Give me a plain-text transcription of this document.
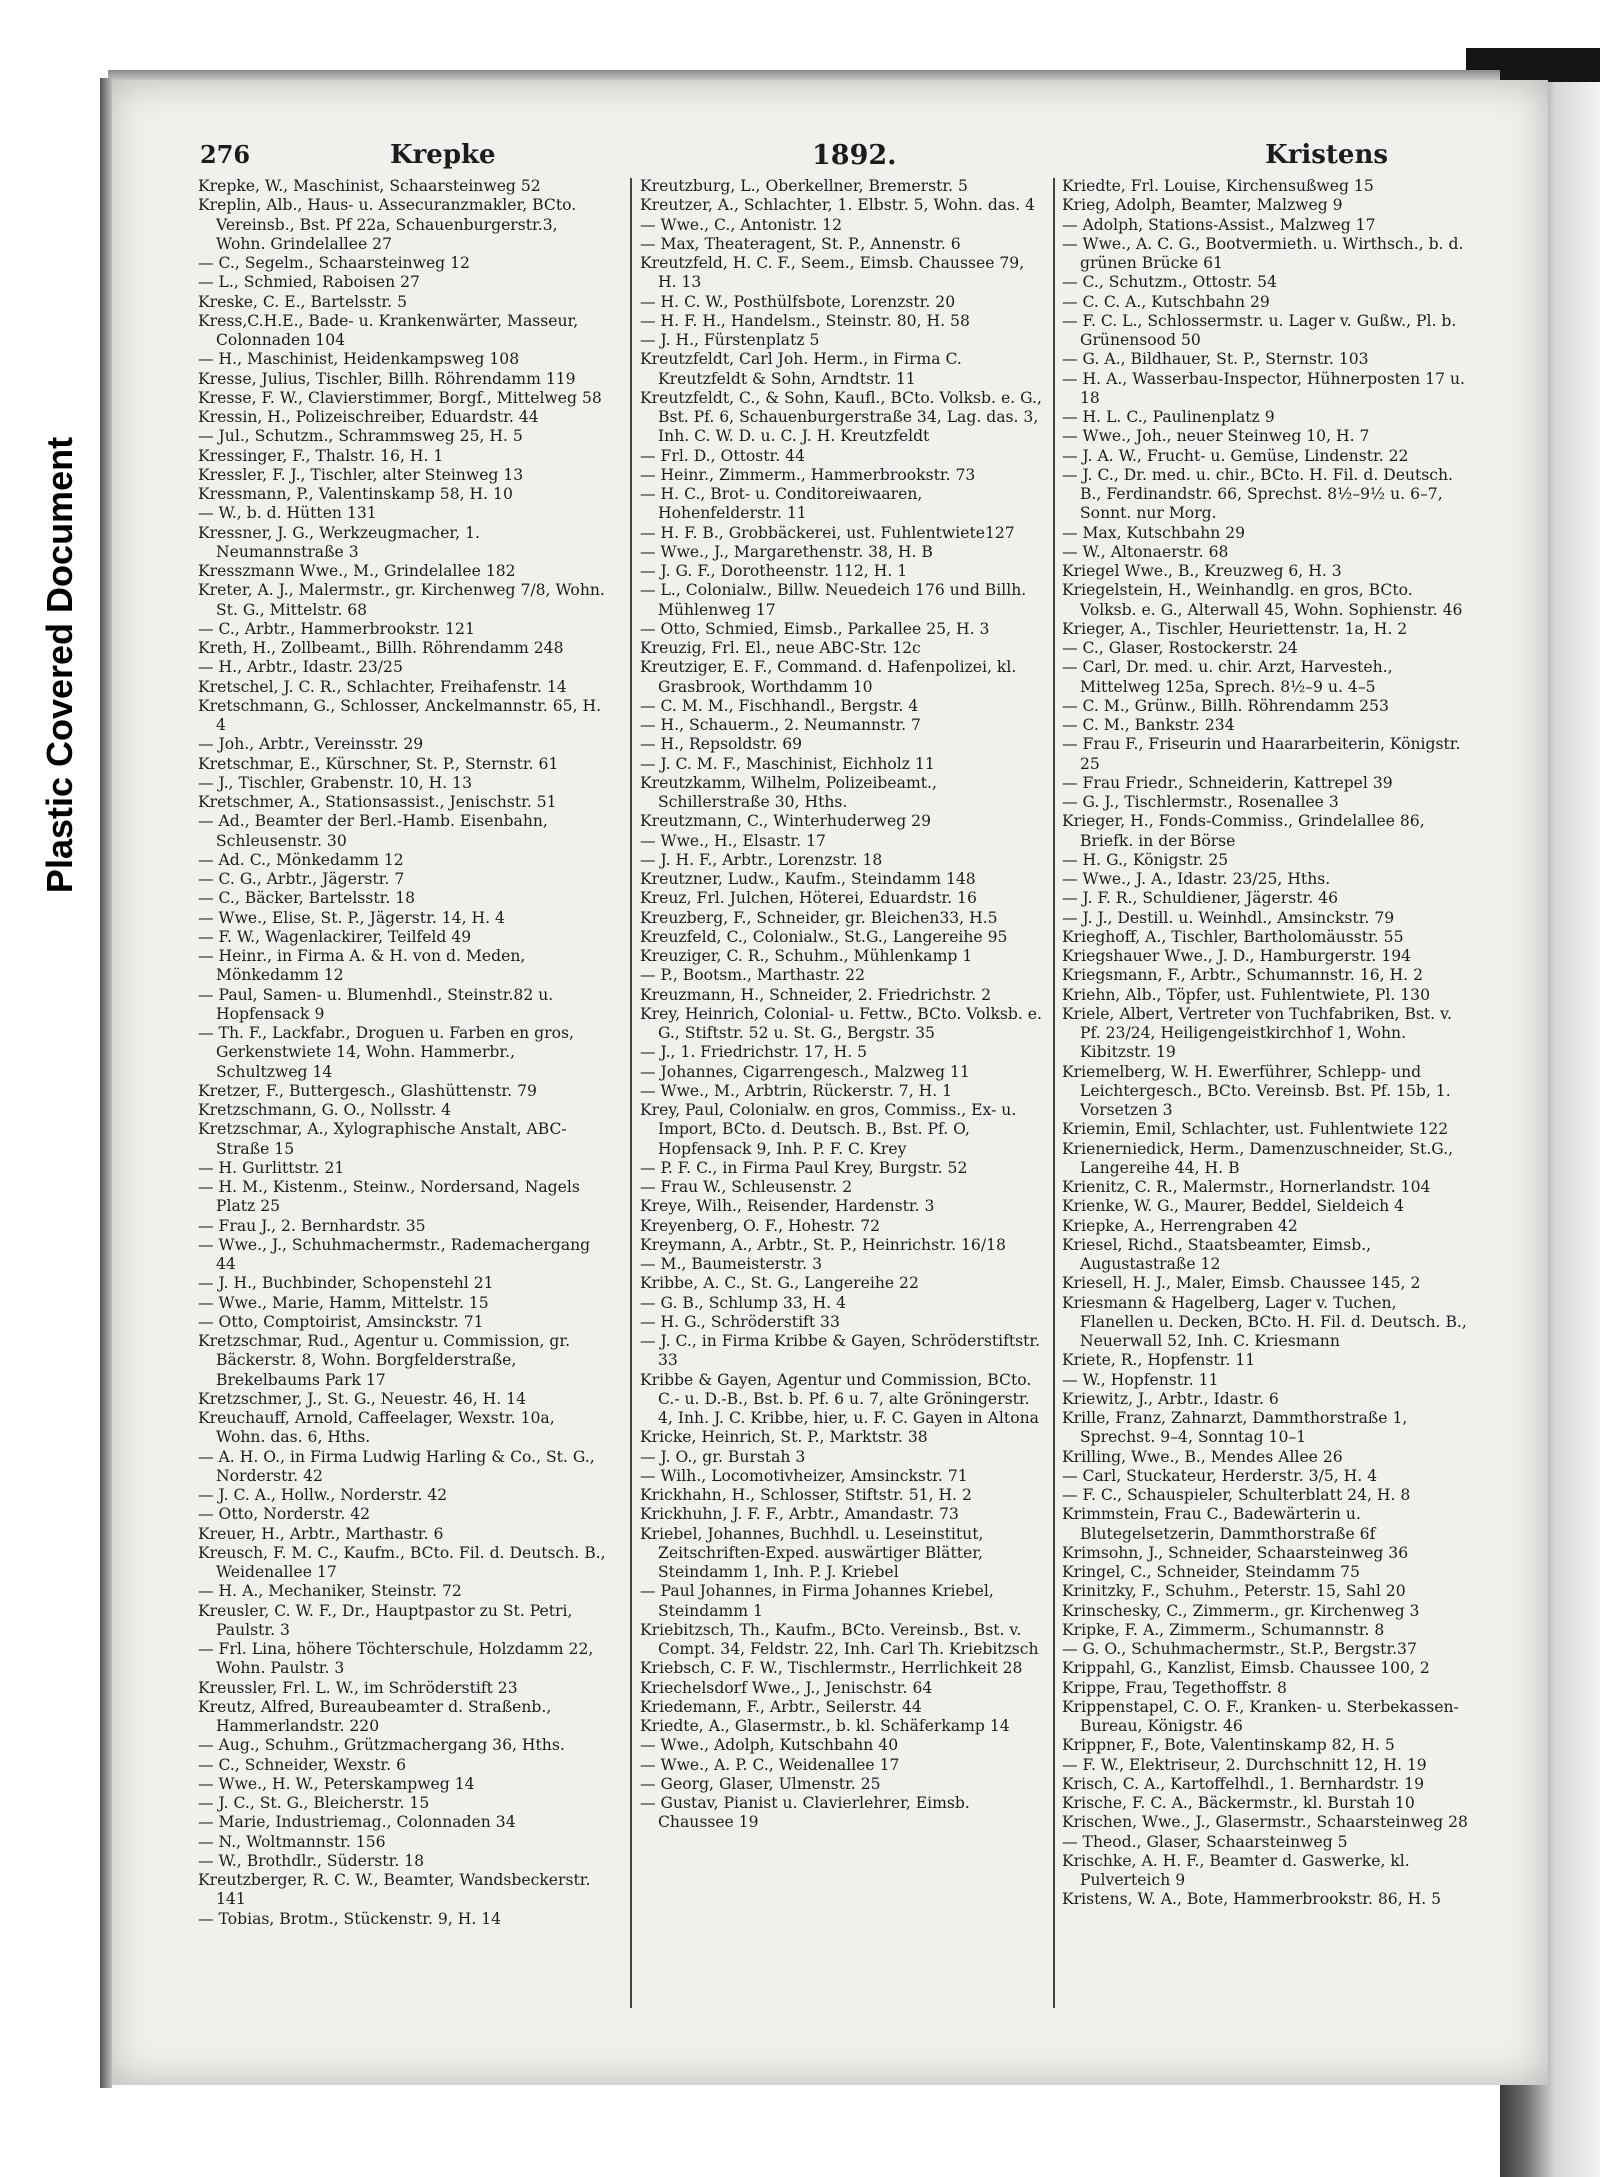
Plastic Covered Document
276	Krepke	1892.	Kristens

Krepke, W., Maschinist, Schaarsteinweg 52

Kreplin, Alb., Haus- u. Assecuranzmakler, BCto. Vereinsb., Bst. Pf 22a, Schauenburgerstr.3, Wohn. Grindelallee 27

— C., Segelm., Schaarsteinweg 12

— L., Schmied, Raboisen 27

Kreske, C. E., Bartelsstr. 5

Kress,C.H.E., Bade- u. Krankenwärter, Masseur, Colonnaden 104

— H., Maschinist, Heidenkampsweg 108

Kresse, Julius, Tischler, Billh. Röhrendamm 119

Kresse, F. W., Clavierstimmer, Borgf., Mittelweg 58

Kressin, H., Polizeischreiber, Eduardstr. 44

— Jul., Schutzm., Schrammsweg 25, H. 5

Kressinger, F., Thalstr. 16, H. 1

Kressler, F. J., Tischler, alter Steinweg 13

Kressmann, P., Valentinskamp 58, H. 10

— W., b. d. Hütten 131

Kressner, J. G., Werkzeugmacher, 1. Neumannstraße 3

Kresszmann Wwe., M., Grindelallee 182

Kreter, A. J., Malermstr., gr. Kirchenweg 7/8, Wohn. St. G., Mittelstr. 68

— C., Arbtr., Hammerbrookstr. 121

Kreth, H., Zollbeamt., Billh. Röhrendamm 248

— H., Arbtr., Idastr. 23/25

Kretschel, J. C. R., Schlachter, Freihafenstr. 14

Kretschmann, G., Schlosser, Anckelmannstr. 65, H. 4

— Joh., Arbtr., Vereinsstr. 29

Kretschmar, E., Kürschner, St. P., Sternstr. 61

— J., Tischler, Grabenstr. 10, H. 13

Kretschmer, A., Stationsassist., Jenischstr. 51

— Ad., Beamter der Berl.-Hamb. Eisenbahn, Schleusenstr. 30

— Ad. C., Mönkedamm 12

— C. G., Arbtr., Jägerstr. 7

— C., Bäcker, Bartelsstr. 18

— Wwe., Elise, St. P., Jägerstr. 14, H. 4

— F. W., Wagenlackirer, Teilfeld 49

— Heinr., in Firma A. & H. von d. Meden, Mönkedamm 12

— Paul, Samen- u. Blumenhdl., Steinstr.82 u. Hopfensack 9

— Th. F., Lackfabr., Droguen u. Farben en gros, Gerkenstwiete 14, Wohn. Hammerbr., Schultzweg 14

Kretzer, F., Buttergesch., Glashüttenstr. 79

Kretzschmann, G. O., Nollsstr. 4

Kretzschmar, A., Xylographische Anstalt, ABC-Straße 15

— H. Gurlittstr. 21

— H. M., Kistenm., Steinw., Nordersand, Nagels Platz 25

— Frau J., 2. Bernhardstr. 35

— Wwe., J., Schuhmachermstr., Rademachergang 44

— J. H., Buchbinder, Schopenstehl 21

— Wwe., Marie, Hamm, Mittelstr. 15

— Otto, Comptoirist, Amsinckstr. 71

Kretzschmar, Rud., Agentur u. Commission, gr. Bäckerstr. 8, Wohn. Borgfelderstraße, Brekelbaums Park 17

Kretzschmer, J., St. G., Neuestr. 46, H. 14

Kreuchauff, Arnold, Caffeelager, Wexstr. 10a, Wohn. das. 6, Hths.

— A. H. O., in Firma Ludwig Harling & Co., St. G., Norderstr. 42

— J. C. A., Hollw., Norderstr. 42

— Otto, Norderstr. 42

Kreuer, H., Arbtr., Marthastr. 6

Kreusch, F. M. C., Kaufm., BCto. Fil. d. Deutsch. B., Weidenallee 17

— H. A., Mechaniker, Steinstr. 72

Kreusler, C. W. F., Dr., Hauptpastor zu St. Petri, Paulstr. 3

— Frl. Lina, höhere Töchterschule, Holzdamm 22, Wohn. Paulstr. 3

Kreussler, Frl. L. W., im Schröderstift 23

Kreutz, Alfred, Bureaubeamter d. Straßenb., Hammerlandstr. 220

— Aug., Schuhm., Grützmachergang 36, Hths.

— C., Schneider, Wexstr. 6

— Wwe., H. W., Peterskampweg 14

— J. C., St. G., Bleicherstr. 15

— Marie, Industriemag., Colonnaden 34

— N., Woltmannstr. 156

— W., Brothdlr., Süderstr. 18

Kreutzberger, R. C. W., Beamter, Wandsbeckerstr. 141

— Tobias, Brotm., Stückenstr. 9, H. 14

Kreutzburg, L., Oberkellner, Bremerstr. 5

Kreutzer, A., Schlachter, 1. Elbstr. 5, Wohn. das. 4

— Wwe., C., Antonistr. 12

— Max, Theateragent, St. P., Annenstr. 6

Kreutzfeld, H. C. F., Seem., Eimsb. Chaussee 79, H. 13

— H. C. W., Posthülfsbote, Lorenzstr. 20

— H. F. H., Handelsm., Steinstr. 80, H. 58

— J. H., Fürstenplatz 5

Kreutzfeldt, Carl Joh. Herm., in Firma C. Kreutzfeldt & Sohn, Arndtstr. 11

Kreutzfeldt, C., & Sohn, Kaufl., BCto. Volksb. e. G., Bst. Pf. 6, Schauenburgerstraße 34, Lag. das. 3, Inh. C. W. D. u. C. J. H. Kreutzfeldt

— Frl. D., Ottostr. 44

— Heinr., Zimmerm., Hammerbrookstr. 73

— H. C., Brot- u. Conditoreiwaaren, Hohenfelderstr. 11

— H. F. B., Grobbäckerei, ust. Fuhlentwiete127

— Wwe., J., Margarethenstr. 38, H. B

— J. G. F., Dorotheenstr. 112, H. 1

— L., Colonialw., Billw. Neuedeich 176 und Billh. Mühlenweg 17

— Otto, Schmied, Eimsb., Parkallee 25, H. 3

Kreuzig, Frl. El., neue ABC-Str. 12c

Kreutziger, E. F., Command. d. Hafenpolizei, kl. Grasbrook, Worthdamm 10

— C. M. M., Fischhandl., Bergstr. 4

— H., Schauerm., 2. Neumannstr. 7

— H., Repsoldstr. 69

— J. C. M. F., Maschinist, Eichholz 11

Kreutzkamm, Wilhelm, Polizeibeamt., Schillerstraße 30, Hths.

Kreutzmann, C., Winterhuderweg 29

— Wwe., H., Elsastr. 17

— J. H. F., Arbtr., Lorenzstr. 18

Kreutzner, Ludw., Kaufm., Steindamm 148

Kreuz, Frl. Julchen, Höterei, Eduardstr. 16

Kreuzberg, F., Schneider, gr. Bleichen33, H.5

Kreuzfeld, C., Colonialw., St.G., Langereihe 95

Kreuziger, C. R., Schuhm., Mühlenkamp 1

— P., Bootsm., Marthastr. 22

Kreuzmann, H., Schneider, 2. Friedrichstr. 2

Krey, Heinrich, Colonial- u. Fettw., BCto. Volksb. e. G., Stiftstr. 52 u. St. G., Bergstr. 35

— J., 1. Friedrichstr. 17, H. 5

— Johannes, Cigarrengesch., Malzweg 11

— Wwe., M., Arbtrin, Rückerstr. 7, H. 1

Krey, Paul, Colonialw. en gros, Commiss., Ex- u. Import, BCto. d. Deutsch. B., Bst. Pf. O, Hopfensack 9, Inh. P. F. C. Krey

— P. F. C., in Firma Paul Krey, Burgstr. 52

— Frau W., Schleusenstr. 2

Kreye, Wilh., Reisender, Hardenstr. 3

Kreyenberg, O. F., Hohestr. 72

Kreymann, A., Arbtr., St. P., Heinrichstr. 16/18

— M., Baumeisterstr. 3

Kribbe, A. C., St. G., Langereihe 22

— G. B., Schlump 33, H. 4

— H. G., Schröderstift 33

— J. C., in Firma Kribbe & Gayen, Schröderstiftstr. 33

Kribbe & Gayen, Agentur und Commission, BCto. C.- u. D.-B., Bst. b. Pf. 6 u. 7, alte Gröningerstr. 4, Inh. J. C. Kribbe, hier, u. F. C. Gayen in Altona

Kricke, Heinrich, St. P., Marktstr. 38

— J. O., gr. Burstah 3

— Wilh., Locomotivheizer, Amsinckstr. 71

Krickhahn, H., Schlosser, Stiftstr. 51, H. 2

Krickhuhn, J. F. F., Arbtr., Amandastr. 73

Kriebel, Johannes, Buchhdl. u. Leseinstitut, Zeitschriften-Exped. auswärtiger Blätter, Steindamm 1, Inh. P. J. Kriebel

— Paul Johannes, in Firma Johannes Kriebel, Steindamm 1

Kriebitzsch, Th., Kaufm., BCto. Vereinsb., Bst. v. Compt. 34, Feldstr. 22, Inh. Carl Th. Kriebitzsch

Kriebsch, C. F. W., Tischlermstr., Herrlichkeit 28

Kriechelsdorf Wwe., J., Jenischstr. 64

Kriedemann, F., Arbtr., Seilerstr. 44

Kriedte, A., Glasermstr., b. kl. Schäferkamp 14

— Wwe., Adolph, Kutschbahn 40

— Wwe., A. P. C., Weidenallee 17

— Georg, Glaser, Ulmenstr. 25

— Gustav, Pianist u. Clavierlehrer, Eimsb. Chaussee 19

Kriedte, Frl. Louise, Kirchensußweg 15

Krieg, Adolph, Beamter, Malzweg 9

— Adolph, Stations-Assist., Malzweg 17

— Wwe., A. C. G., Bootvermieth. u. Wirthsch., b. d. grünen Brücke 61

— C., Schutzm., Ottostr. 54

— C. C. A., Kutschbahn 29

— F. C. L., Schlossermstr. u. Lager v. Gußw., Pl. b. Grünensood 50

— G. A., Bildhauer, St. P., Sternstr. 103

— H. A., Wasserbau-Inspector, Hühnerposten 17 u. 18

— H. L. C., Paulinenplatz 9

— Wwe., Joh., neuer Steinweg 10, H. 7

— J. A. W., Frucht- u. Gemüse, Lindenstr. 22

— J. C., Dr. med. u. chir., BCto. H. Fil. d. Deutsch. B., Ferdinandstr. 66, Sprechst. 8½–9½ u. 6–7, Sonnt. nur Morg.

— Max, Kutschbahn 29

— W., Altonaerstr. 68

Kriegel Wwe., B., Kreuzweg 6, H. 3

Kriegelstein, H., Weinhandlg. en gros, BCto. Volksb. e. G., Alterwall 45, Wohn. Sophienstr. 46

Krieger, A., Tischler, Heuriettenstr. 1a, H. 2

— C., Glaser, Rostockerstr. 24

— Carl, Dr. med. u. chir. Arzt, Harvesteh., Mittelweg 125a, Sprech. 8½–9 u. 4–5

— C. M., Grünw., Billh. Röhrendamm 253

— C. M., Bankstr. 234

— Frau F., Friseurin und Haararbeiterin, Königstr. 25

— Frau Friedr., Schneiderin, Kattrepel 39

— G. J., Tischlermstr., Rosenallee 3

Krieger, H., Fonds-Commiss., Grindelallee 86, Briefk. in der Börse

— H. G., Königstr. 25

— Wwe., J. A., Idastr. 23/25, Hths.

— J. F. R., Schuldiener, Jägerstr. 46

— J. J., Destill. u. Weinhdl., Amsinckstr. 79

Krieghoff, A., Tischler, Bartholomäusstr. 55

Kriegshauer Wwe., J. D., Hamburgerstr. 194

Kriegsmann, F., Arbtr., Schumannstr. 16, H. 2

Kriehn, Alb., Töpfer, ust. Fuhlentwiete, Pl. 130

Kriele, Albert, Vertreter von Tuchfabriken, Bst. v. Pf. 23/24, Heiligengeistkirchhof 1, Wohn. Kibitzstr. 19

Kriemelberg, W. H. Ewerführer, Schlepp- und Leichtergesch., BCto. Vereinsb. Bst. Pf. 15b, 1. Vorsetzen 3

Kriemin, Emil, Schlachter, ust. Fuhlentwiete 122

Krienerniedick, Herm., Damenzuschneider, St.G., Langereihe 44, H. B

Krienitz, C. R., Malermstr., Hornerlandstr. 104

Krienke, W. G., Maurer, Beddel, Sieldeich 4

Kriepke, A., Herrengraben 42

Kriesel, Richd., Staatsbeamter, Eimsb., Augustastraße 12

Kriesell, H. J., Maler, Eimsb. Chaussee 145, 2

Kriesmann & Hagelberg, Lager v. Tuchen, Flanellen u. Decken, BCto. H. Fil. d. Deutsch. B., Neuerwall 52, Inh. C. Kriesmann

Kriete, R., Hopfenstr. 11

— W., Hopfenstr. 11

Kriewitz, J., Arbtr., Idastr. 6

Krille, Franz, Zahnarzt, Dammthorstraße 1, Sprechst. 9–4, Sonntag 10–1

Krilling, Wwe., B., Mendes Allee 26

— Carl, Stuckateur, Herderstr. 3/5, H. 4

— F. C., Schauspieler, Schulterblatt 24, H. 8

Krimmstein, Frau C., Badewärterin u. Blutegelsetzerin, Dammthorstraße 6f

Krimsohn, J., Schneider, Schaarsteinweg 36

Kringel, C., Schneider, Steindamm 75

Krinitzky, F., Schuhm., Peterstr. 15, Sahl 20

Krinschesky, C., Zimmerm., gr. Kirchenweg 3

Kripke, F. A., Zimmerm., Schumannstr. 8

— G. O., Schuhmachermstr., St.P., Bergstr.37

Krippahl, G., Kanzlist, Eimsb. Chaussee 100, 2

Krippe, Frau, Tegethoffstr. 8

Krippenstapel, C. O. F., Kranken- u. Sterbekassen-Bureau, Königstr. 46

Krippner, F., Bote, Valentinskamp 82, H. 5

— F. W., Elektriseur, 2. Durchschnitt 12, H. 19

Krisch, C. A., Kartoffelhdl., 1. Bernhardstr. 19

Krische, F. C. A., Bäckermstr., kl. Burstah 10

Krischen, Wwe., J., Glasermstr., Schaarsteinweg 28

— Theod., Glaser, Schaarsteinweg 5

Krischke, A. H. F., Beamter d. Gaswerke, kl. Pulverteich 9

Kristens, W. A., Bote, Hammerbrookstr. 86, H. 5
